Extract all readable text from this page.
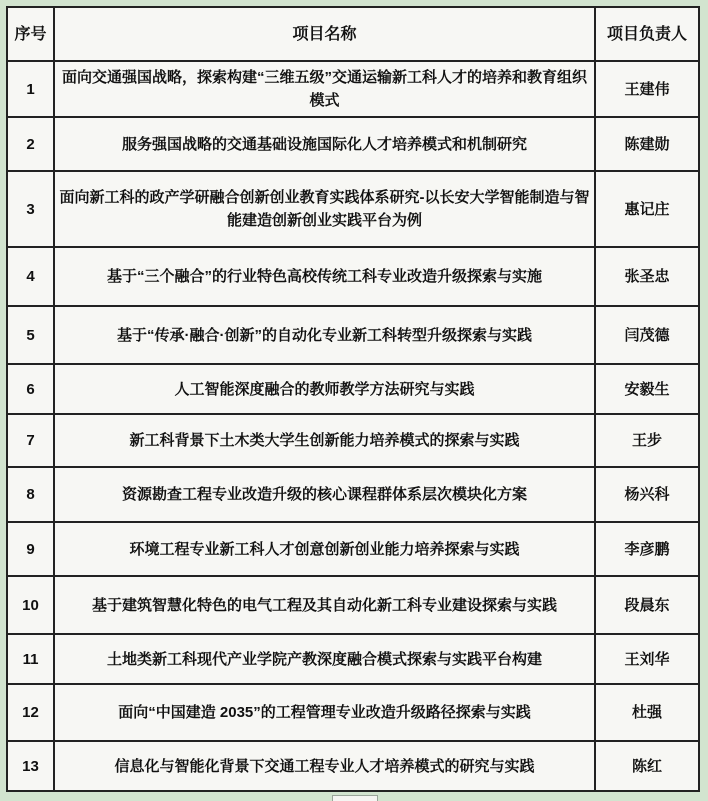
序号	项目名称	项目负责人
1	面向交通强国战略，探索构建“三维五级”交通运输新工科人才的培养和教育组织模式	王建伟
2	服务强国战略的交通基础设施国际化人才培养模式和机制研究	陈建勋
3	面向新工科的政产学研融合创新创业教育实践体系研究-以长安大学智能制造与智能建造创新创业实践平台为例	惠记庄
4	基于“三个融合”的行业特色高校传统工科专业改造升级探索与实施	张圣忠
5	基于“传承·融合·创新”的自动化专业新工科转型升级探索与实践	闫茂德
6	人工智能深度融合的教师教学方法研究与实践	安毅生
7	新工科背景下土木类大学生创新能力培养模式的探索与实践	王步
8	资源勘查工程专业改造升级的核心课程群体系层次模块化方案	杨兴科
9	环境工程专业新工科人才创意创新创业能力培养探索与实践	李彦鹏
10	基于建筑智慧化特色的电气工程及其自动化新工科专业建设探索与实践	段晨东
11	土地类新工科现代产业学院产教深度融合模式探索与实践平台构建	王刘华
12	面向“中国建造 2035”的工程管理专业改造升级路径探索与实践	杜强
13	信息化与智能化背景下交通工程专业人才培养模式的研究与实践	陈红
